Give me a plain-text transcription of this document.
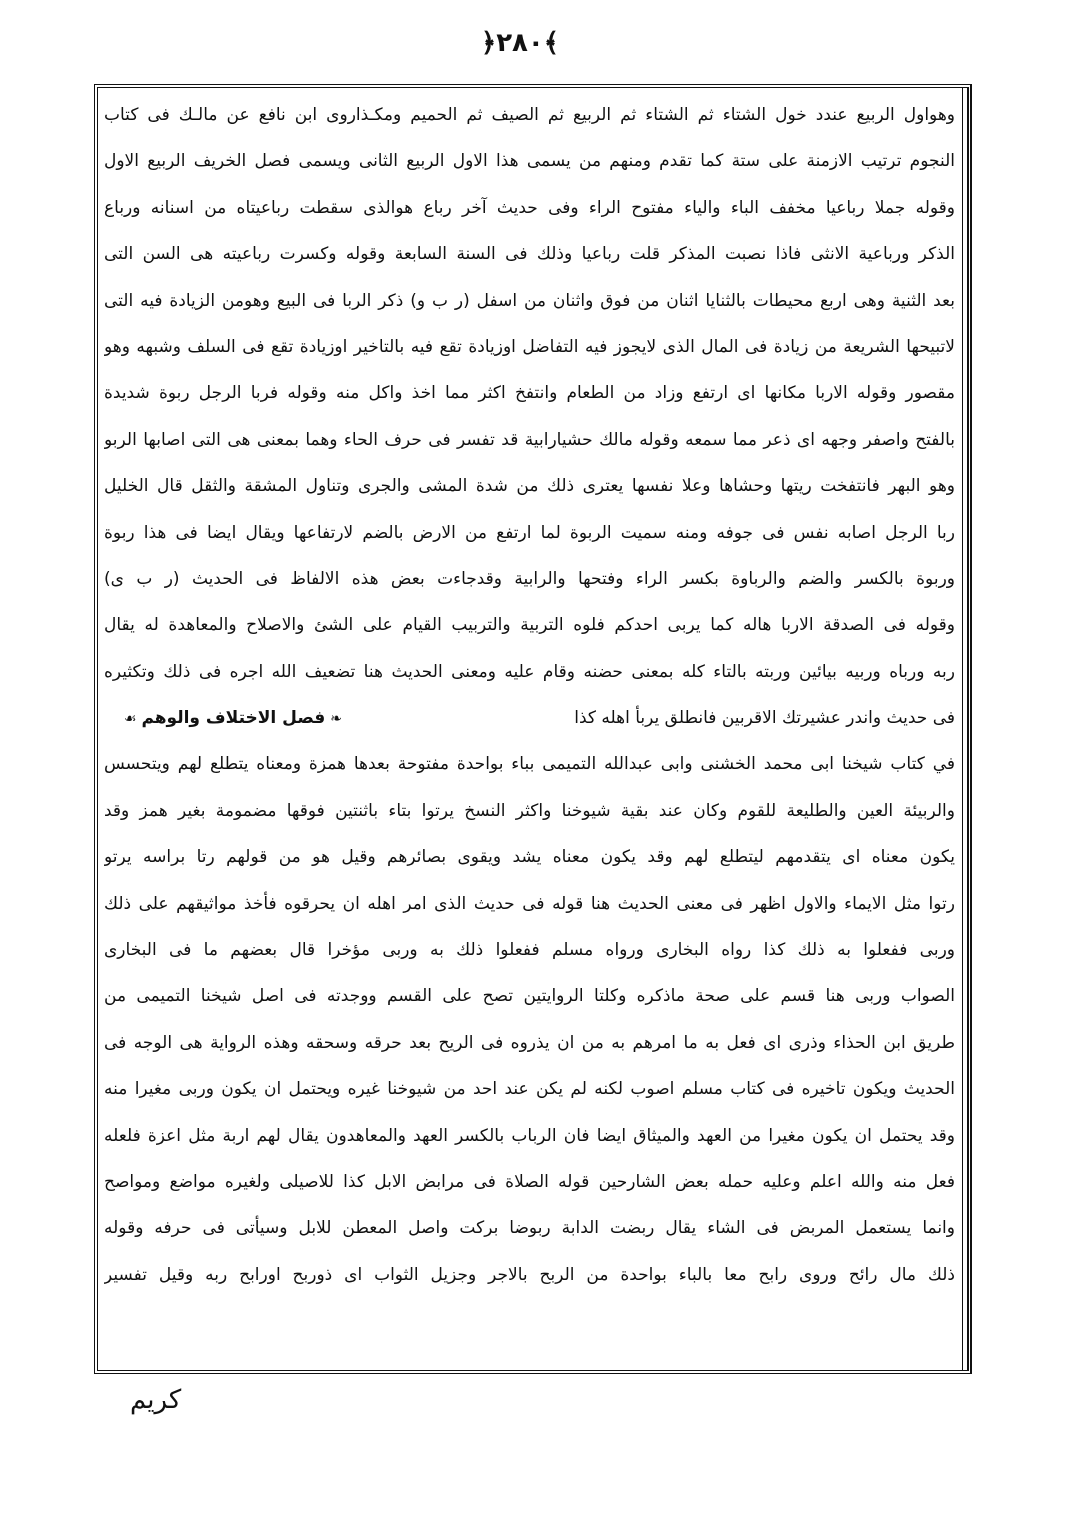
﴿٢٨٠﴾
وهواول الربيع عندد خول الشتاء ثم الشتاء ثم الربيع ثم الصيف ثم الحميم ومكـذاروى ابن نافع عن مالـك فى كتاب
النجوم ترتيب الازمنة على ستة كما تقدم ومنهم من يسمى هذا الاول الربيع الثانى ويسمى فصل الخريف الربيع الاول
وقوله جملا رباعيا مخفف الباء والياء مفتوح الراء وفى حديث آخر رباع هوالذى سقطت رباعيتاه من اسنانه ورباع
الذكر ورباعية الانثى فاذا نصبت المذكر قلت رباعيا وذلك فى السنة السابعة وقوله وكسرت رباعيته هى السن التى
بعد الثنية وهى اربع محيطات بالثنايا اثنان من فوق واثنان من اسفل (ر ب و) ذكر الربا فى البيع وهومن الزيادة فيه التى
لاتبيحها الشريعة من زيادة فى المال الذى لايجوز فيه التفاضل اوزيادة تقع فيه بالتاخير اوزيادة تقع فى السلف وشبهه وهو
مقصور وقوله الاربا مكانها اى ارتفع وزاد من الطعام وانتفخ اكثر مما اخذ واكل منه وقوله فربا الرجل ربوة شديدة
بالفتح واصفر وجهه اى ذعر مما سمعه وقوله مالك حشيارابية قد تفسر فى حرف الحاء وهما بمعنى هى التى اصابها الربو
وهو البهر فانتفخت ريتها وحشاها وعلا نفسها يعترى ذلك من شدة المشى والجرى وتناول المشقة والثقل قال الخليل
ربا الرجل اصابه نفس فى جوفه ومنه سميت الربوة لما ارتفع من الارض بالضم لارتفاعها ويقال ايضا فى هذا ربوة
وربوة بالكسر والضم والرباوة بكسر الراء وفتحها والرابية وقدجاءت بعض هذه الالفاظ فى الحديث (ر ب ى)
وقوله فى الصدقة الاربا هاله كما يربى احدكم فلوه التربية والتربيب القيام على الشئ والاصلاح والمعاهدة له يقال
ربه ورباه وربيه بيائين وربته بالتاء كله بمعنى حضنه وقام عليه ومعنى الحديث هنا تضعيف الله اجره فى ذلك وتكثيره
فى حديث واندر عشيرتك الاقربين فانطلق يربأ اهله كذا
❧ فصل الاختلاف والوهم ☙
في كتاب شيخنا ابى محمد الخشنى وابى عبدالله التميمى بباء بواحدة مفتوحة بعدها همزة ومعناه يتطلع لهم ويتحسس
والربيئة العين والطليعة للقوم وكان عند بقية شيوخنا واكثر النسخ يرتوا بتاء باثنتين فوقها مضمومة بغير همز وقد
يكون معناه اى يتقدمهم ليتطلع لهم وقد يكون معناه يشد ويقوى بصائرهم وقيل هو من قولهم رتا براسه يرتو
رتوا مثل الايماء والاول اظهر فى معنى الحديث هنا قوله فى حديث الذى امر اهله ان يحرقوه فأخذ مواثيقهم على ذلك
وربى ففعلوا به ذلك كذا رواه البخارى ورواه مسلم ففعلوا ذلك به وربى مؤخرا قال بعضهم ما فى البخارى
الصواب وربى هنا قسم على صحة ماذكره وكلتا الروايتين تصح على القسم ووجدته فى اصل شيخنا التميمى من
طريق ابن الحذاء وذرى اى فعل به ما امرهم به من ان يذروه فى الريح بعد حرقه وسحقه وهذه الرواية هى الوجه فى
الحديث ويكون تاخيره فى كتاب مسلم اصوب لكنه لم يكن عند احد من شيوخنا غيره ويحتمل ان يكون وربى مغيرا منه
وقد يحتمل ان يكون مغيرا من العهد والميثاق ايضا فان الرباب بالكسر العهد والمعاهدون يقال لهم اربة مثل اعزة فلعله
فعل منه والله اعلم وعليه حمله بعض الشارحين قوله الصلاة فى مرابض الابل كذا للاصيلى ولغيره مواضع ومواصح
وانما يستعمل المربض فى الشاء يقال ربضت الدابة ربوضا بركت واصل المعطن للابل وسيأتى فى حرفه وقوله
ذلك مال رائح وروى رابح معا بالباء بواحدة من الربح بالاجر وجزيل الثواب اى ذوربح اورابح ربه وقيل تفسير
كريم
